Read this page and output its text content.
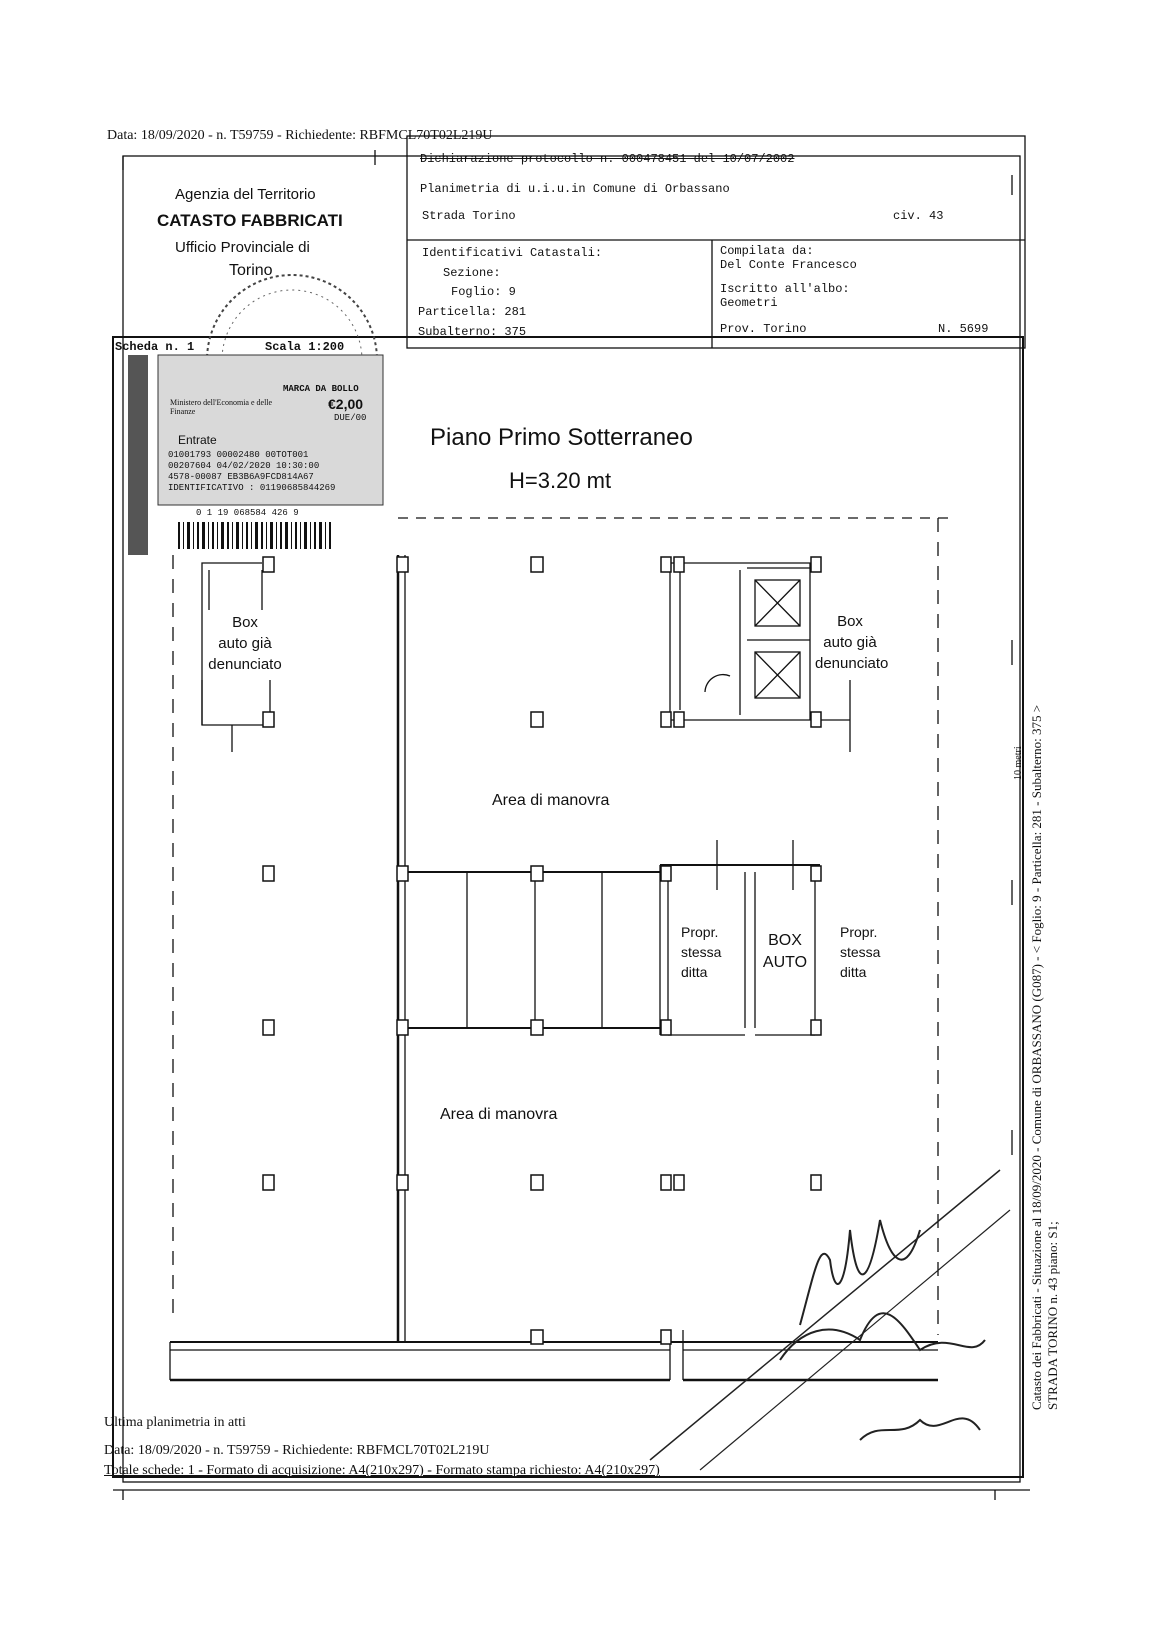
Data: 18/09/2020 - n. T59759 - Richiedente: RBFMCL70T02L219U
Agenzia del Territorio
CATASTO FABBRICATI
Ufficio Provinciale di
Torino
Dichiarazione protocollo n. 000478451 del 10/07/2002
Planimetria di u.i.u.in Comune di Orbassano
Strada Torino	civ. 43
Identificativi Catastali:
Sezione:
Foglio: 9
Particella: 281
Subalterno: 375
Compilata da:
Del Conte Francesco
Iscritto all'albo:
Geometri
Prov. Torino	N. 5699
Scheda n. 1	Scala 1:200
MARCA DA BOLLO
Ministero dell'Economia e delle Finanze	€2,00
DUE/00
Entrate
01001793 00002480 00TOT001
00207604 04/02/2020 10:30:00
4578-00087 EB3B6A9FCD814A67
IDENTIFICATIVO : 01190685844269
0 1 19 068584 426 9
Piano Primo Sotterraneo
H=3.20 mt
Box
auto già
denunciato
Box
auto già
denunciato
Area di manovra
Area di manovra
Propr.
stessa
ditta
BOX
AUTO
Propr.
stessa
ditta	Catasto dei Fabbricati - Situazione al 18/09/2020 - Comune di ORBASSANO (G087) - < Foglio: 9 - Particella: 281 - Subalterno: 375 > STRADA TORINO n. 43 piano: S1;
10 metri
Ultima planimetria in atti
Data: 18/09/2020 - n. T59759 - Richiedente: RBFMCL70T02L219U
Totale schede: 1 - Formato di acquisizione: A4(210x297) - Formato stampa richiesto: A4(210x297)
